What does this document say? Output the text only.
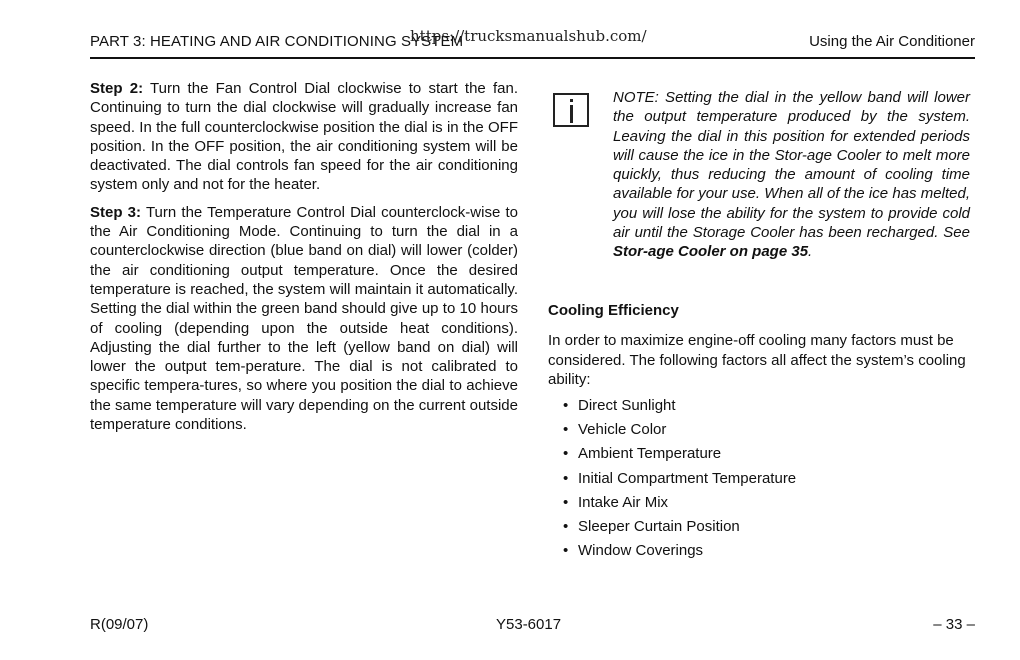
PART 3: HEATING AND AIR CONDITIONING SYSTEM
https://trucksmanualshub.com/	Using the Air Conditioner

Step 2: Turn the Fan Control Dial clockwise to start the fan. Continuing to turn the dial clockwise will gradually increase fan speed. In the full counterclockwise position the dial is in the OFF position. In the OFF position, the air conditioning system will be deactivated. The dial controls fan speed for the air conditioning system only and not for the heater.

Step 3: Turn the Temperature Control Dial counterclock-wise to the Air Conditioning Mode. Continuing to turn the dial in a counterclockwise direction (blue band on dial) will lower (colder) the air conditioning output temperature. Once the desired temperature is reached, the system will maintain it automatically. Setting the dial within the green band should give up to 10 hours of cooling (depending upon the outside heat conditions). Adjusting the dial further to the left (yellow band on dial) will lower the output tem-perature. The dial is not calibrated to specific tempera-tures, so where you position the dial to achieve the same temperature will vary depending on the current outside temperature conditions.

NOTE: Setting the dial in the yellow band will lower the output temperature produced by the system. Leaving the dial in this position for extended periods will cause the ice in the Stor-age Cooler to melt more quickly, thus reducing the amount of cooling time available for your use. When all of the ice has melted, you will lose the ability for the system to provide cold air until the Storage Cooler has been recharged. See Stor-age Cooler on page 35.

Cooling Efficiency

In order to maximize engine-off cooling many factors must be considered. The following factors all affect the system’s cooling ability:

• Direct Sunlight
• Vehicle Color
• Ambient Temperature
• Initial Compartment Temperature
• Intake Air Mix
• Sleeper Curtain Position
• Window Coverings
R(09/07)	Y53-6017	– 33 –
